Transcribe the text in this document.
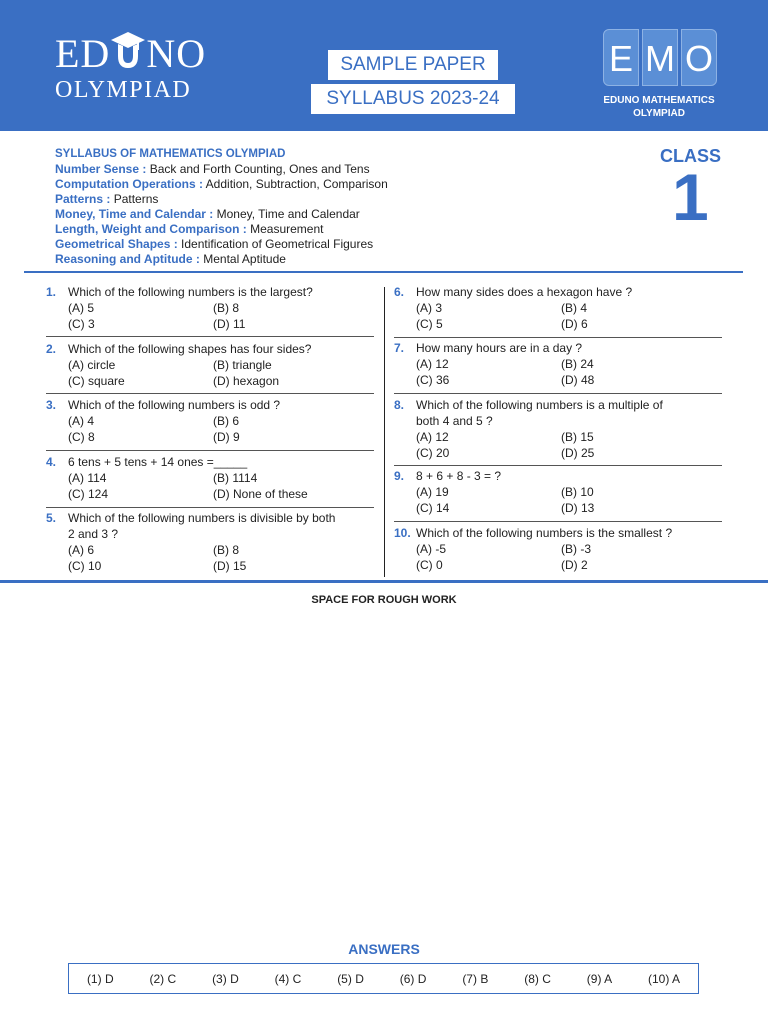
ED NO
OLYMPIAD
SAMPLE PAPER
SYLLABUS 2023-24
E M O
EDUNO MATHEMATICS
OLYMPIAD
SYLLABUS OF MATHEMATICS OLYMPIAD
Number Sense : Back and Forth Counting, Ones and Tens
Computation Operations : Addition, Subtraction, Comparison
Patterns : Patterns
Money, Time and Calendar : Money, Time and Calendar
Length, Weight and Comparison : Measurement
Geometrical Shapes : Identification of Geometrical Figures
Reasoning and Aptitude : Mental Aptitude
CLASS
1
1. Which of the following numbers is the largest?
(A) 5	(B) 8
(C) 3	(D) 11
2. Which of the following shapes has four sides?
(A) circle	(B) triangle
(C) square	(D) hexagon
3. Which of the following numbers is odd ?
(A) 4	(B) 6
(C) 8	(D) 9
4. 6 tens + 5 tens + 14 ones =_____
(A) 114	(B) 1114
(C) 124	(D) None of these
5. Which of the following numbers is divisible by both 2 and 3 ?
(A) 6	(B) 8
(C) 10	(D) 15
6. How many sides does a hexagon have ?
(A) 3	(B) 4
(C) 5	(D) 6
7. How many hours are in a day ?
(A) 12	(B) 24
(C) 36	(D) 48
8. Which of the following numbers is a multiple of both 4 and 5 ?
(A) 12	(B) 15
(C) 20	(D) 25
9. 8 + 6 + 8 - 3 = ?
(A) 19	(B) 10
(C) 14	(D) 13
10. Which of the following numbers is the smallest ?
(A) -5	(B) -3
(C) 0	(D) 2
SPACE FOR ROUGH WORK
ANSWERS
(1) D	(2) C	(3) D	(4) C	(5) D	(6) D	(7) B	(8) C	(9) A	(10) A
